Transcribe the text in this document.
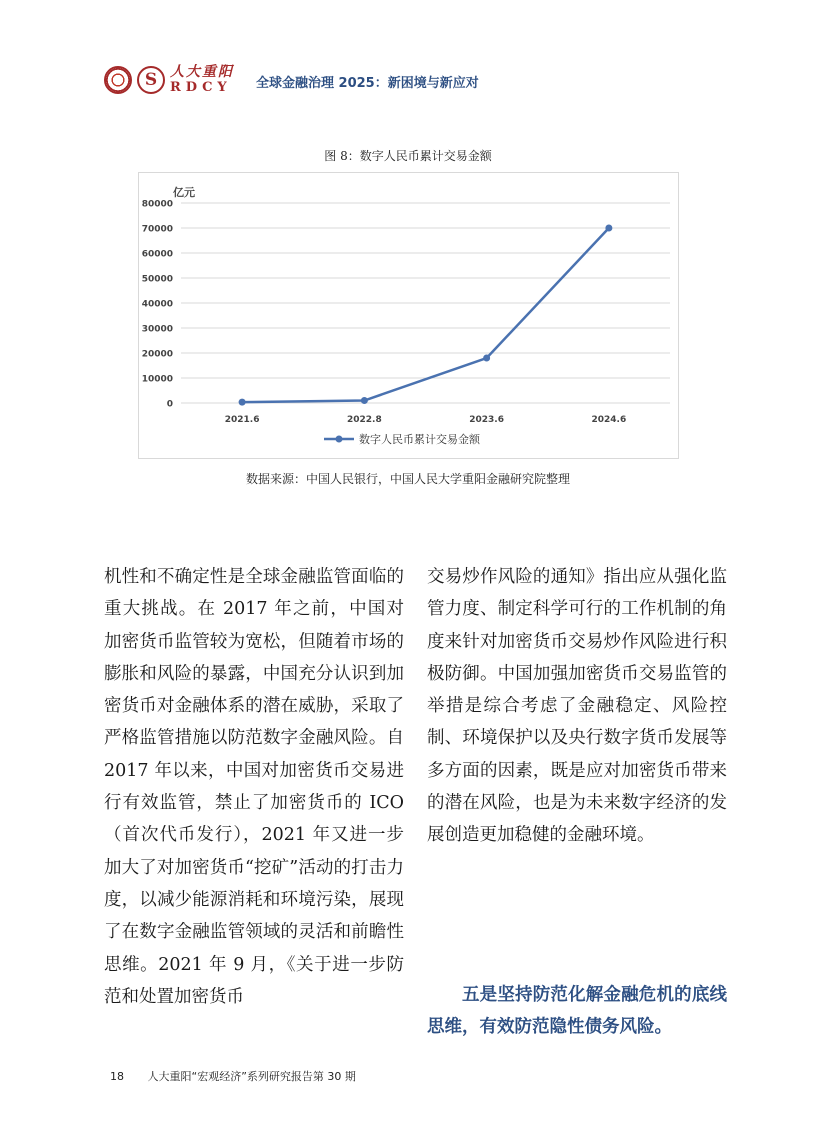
S 人大重阳
RDCY	全球金融治理 2025：新困境与新应对
图 8：数字人民币累计交易金额
亿元
0
10000
20000
30000
40000
50000
60000
70000
80000
2021.6	2022.8	2023.6	2024.6
数字人民币累计交易金额
数据来源：中国人民银行，中国人民大学重阳金融研究院整理

机性和不确定性是全球金融监管面临的重大挑战。在 2017 年之前，中国对加密货币监管较为宽松，但随着市场的膨胀和风险的暴露，中国充分认识到加密货币对金融体系的潜在威胁，采取了严格监管措施以防范数字金融风险。自 2017 年以来，中国对加密货币交易进行有效监管，禁止了加密货币的 ICO（首次代币发行），2021 年又进一步加大了对加密货币“挖矿”活动的打击力度，以减少能源消耗和环境污染，展现了在数字金融监管领域的灵活和前瞻性思维。2021 年 9 月，《关于进一步防范和处置加密货币

交易炒作风险的通知》指出应从强化监管力度、制定科学可行的工作机制的角度来针对加密货币交易炒作风险进行积极防御。中国加强加密货币交易监管的举措是综合考虑了金融稳定、风险控制、环境保护以及央行数字货币发展等多方面的因素，既是应对加密货币带来的潜在风险，也是为未来数字经济的发展创造更加稳健的金融环境。

五是坚持防范化解金融危机的底线思维，有效防范隐性债务风险。
18 人大重阳“宏观经济”系列研究报告第 30 期
